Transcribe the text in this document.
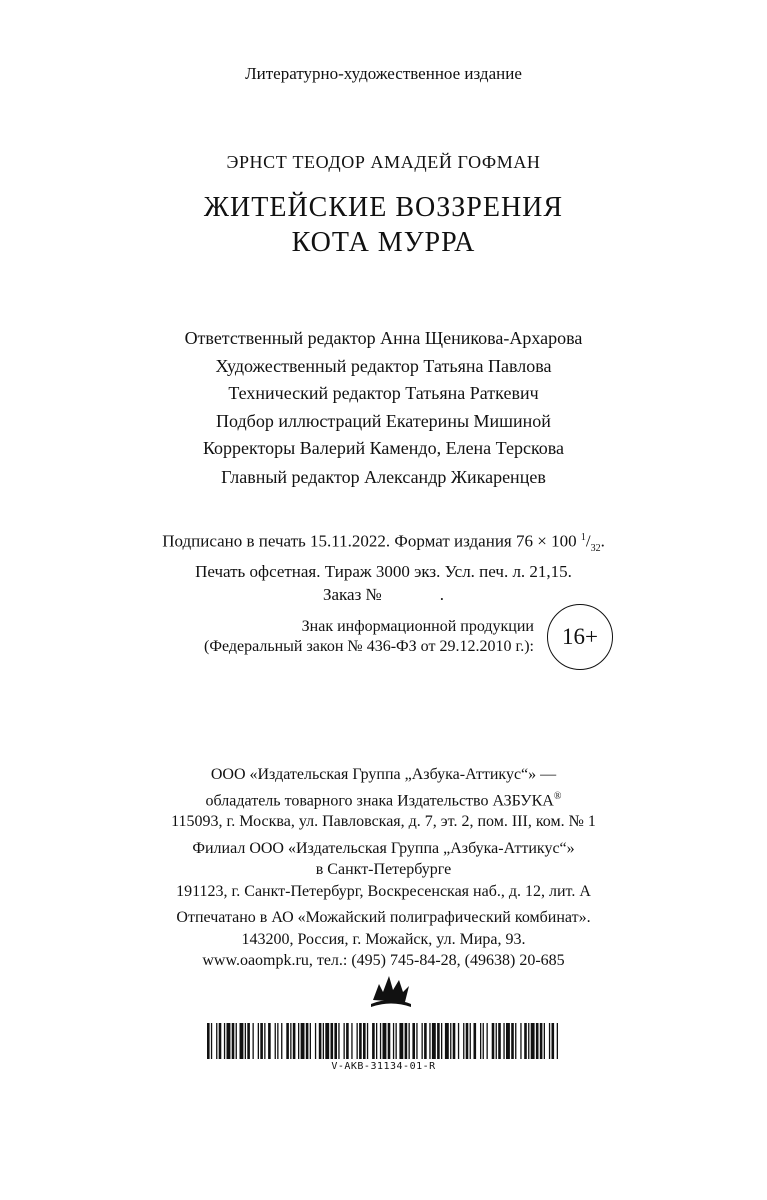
Литературно-художественное издание
ЭРНСТ ТЕОДОР АМАДЕЙ ГОФМАН
ЖИТЕЙСКИЕ ВОЗЗРЕНИЯ
КОТА МУРРА
Ответственный редактор Анна Щеникова-Архарова
Художественный редактор Татьяна Павлова
Технический редактор Татьяна Раткевич
Подбор иллюстраций Екатерины Мишиной
Корректоры Валерий Камендо, Елена Терскова
Главный редактор Александр Жикаренцев
Подписано в печать 15.11.2022. Формат издания 76 × 100 $^1/_{32}$.
Печать офсетная. Тираж 3000 экз. Усл. печ. л. 21,15.
Заказ №	.
Знак информационной продукции
(Федеральный закон № 436-ФЗ от 29.12.2010 г.):	16+
ООО «Издательская Группа „Азбука-Аттикус“» —
обладатель товарного знака Издательство АЗБУКА®
115093, г. Москва, ул. Павловская, д. 7, эт. 2, пом. III, ком. № 1
Филиал ООО «Издательская Группа „Азбука-Аттикус“»
в Санкт-Петербурге
191123, г. Санкт-Петербург, Воскресенская наб., д. 12, лит. А
Отпечатано в АО «Можайский полиграфический комбинат».
143200, Россия, г. Можайск, ул. Мира, 93.
www.oaompk.ru, тел.: (495) 745-84-28, (49638) 20-685
V-AKB-31134-01-R
